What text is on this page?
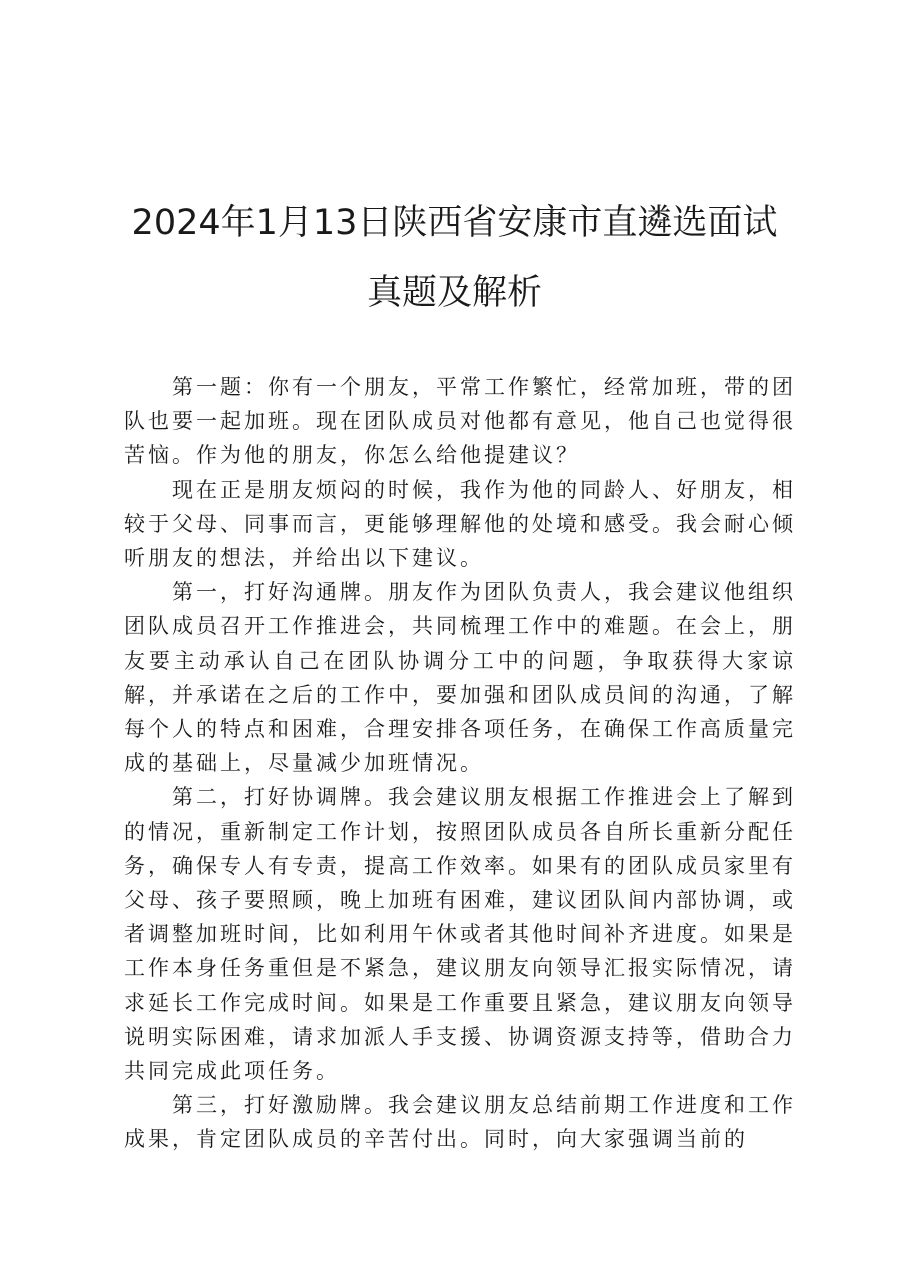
2024年1月13日陕西省安康市直遴选面试
真题及解析

第一题：你有一个朋友，平常工作繁忙，经常加班，带的团队也要一起加班。现在团队成员对他都有意见，他自己也觉得很苦恼。作为他的朋友，你怎么给他提建议？

现在正是朋友烦闷的时候，我作为他的同龄人、好朋友，相较于父母、同事而言，更能够理解他的处境和感受。我会耐心倾听朋友的想法，并给出以下建议。

第一，打好沟通牌。朋友作为团队负责人，我会建议他组织团队成员召开工作推进会，共同梳理工作中的难题。在会上，朋友要主动承认自己在团队协调分工中的问题，争取获得大家谅解，并承诺在之后的工作中，要加强和团队成员间的沟通，了解每个人的特点和困难，合理安排各项任务，在确保工作高质量完成的基础上，尽量减少加班情况。

第二，打好协调牌。我会建议朋友根据工作推进会上了解到的情况，重新制定工作计划，按照团队成员各自所长重新分配任务，确保专人有专责，提高工作效率。如果有的团队成员家里有父母、孩子要照顾，晚上加班有困难，建议团队间内部协调，或者调整加班时间，比如利用午休或者其他时间补齐进度。如果是工作本身任务重但是不紧急，建议朋友向领导汇报实际情况，请求延长工作完成时间。如果是工作重要且紧急，建议朋友向领导说明实际困难，请求加派人手支援、协调资源支持等，借助合力共同完成此项任务。

第三，打好激励牌。我会建议朋友总结前期工作进度和工作成果，肯定团队成员的辛苦付出。同时，向大家强调当前的
